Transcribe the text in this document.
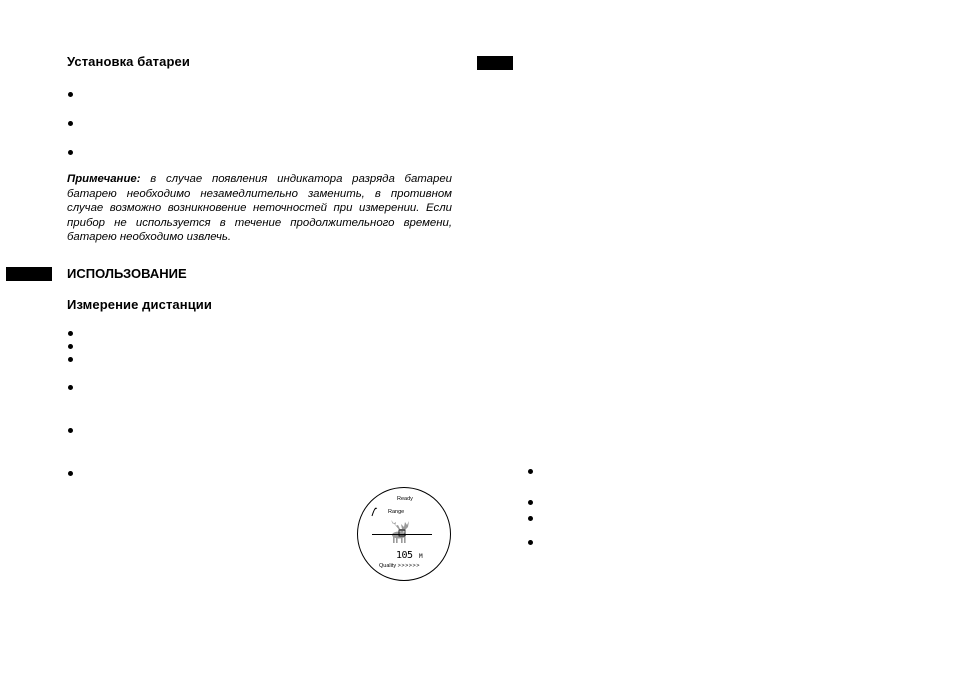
Установка батареи
Примечание: в случае появления индикатора разряда батареи батарею необходимо незамедлительно заменить, в противном случае возможно возникновение неточностей при измерении. Если прибор не используется в течение продолжительного времени, батарею необходимо извлечь.
ИСПОЛЬЗОВАНИЕ
Измерение дистанции
Ready
Range
105 M
Quality >>>>>>
